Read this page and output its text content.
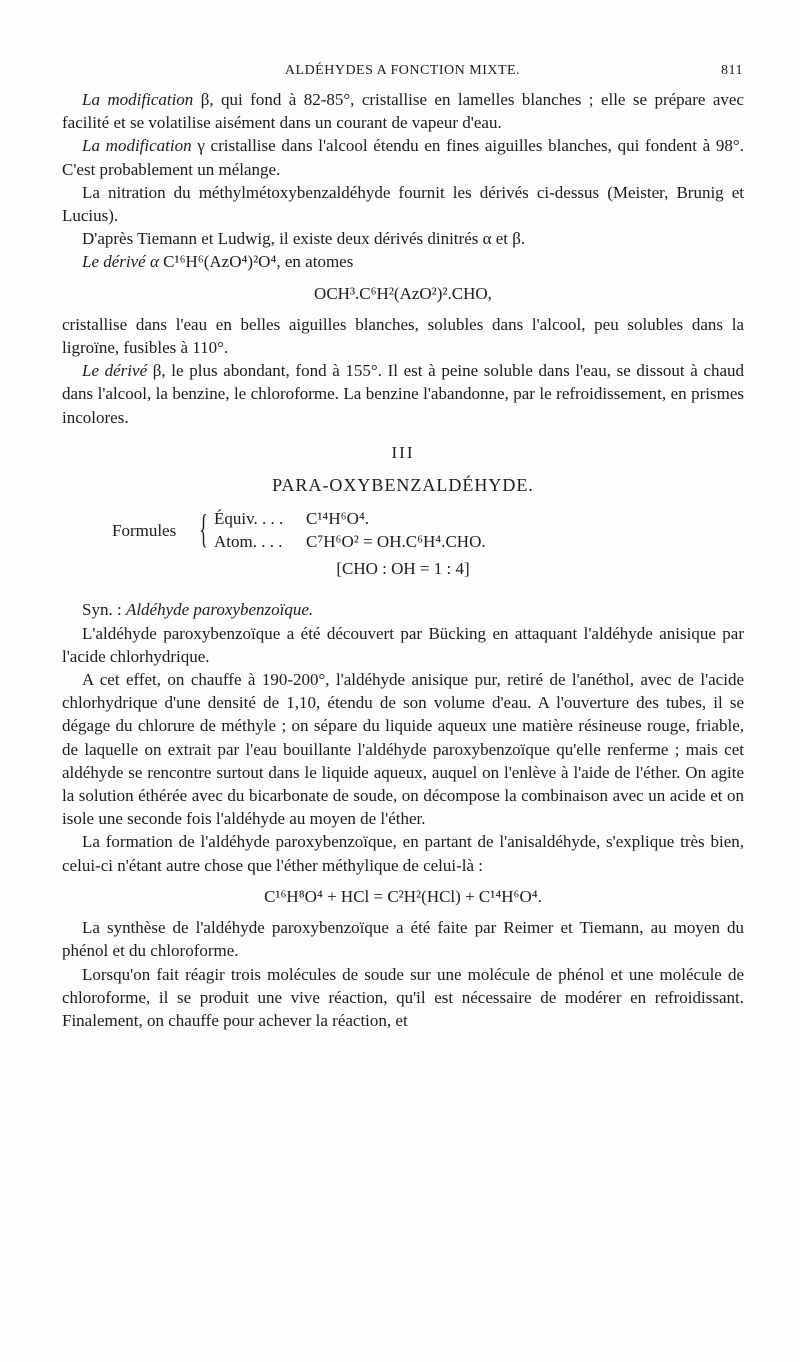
ALDÉHYDES A FONCTION MIXTE.	811

La modification β, qui fond à 82-85°, cristallise en lamelles blanches ; elle se prépare avec facilité et se volatilise aisément dans un courant de vapeur d'eau.

La modification γ cristallise dans l'alcool étendu en fines aiguilles blanches, qui fondent à 98°. C'est probablement un mélange.

La nitration du méthylmétoxybenzaldéhyde fournit les dérivés ci-dessus (Meister, Brunig et Lucius).

D'après Tiemann et Ludwig, il existe deux dérivés dinitrés α et β.

Le dérivé α C¹⁶H⁶(AzO⁴)²O⁴, en atomes

OCH³.C⁶H²(AzO²)².CHO,

cristallise dans l'eau en belles aiguilles blanches, solubles dans l'alcool, peu solubles dans la ligroïne, fusibles à 110°.

Le dérivé β, le plus abondant, fond à 155°. Il est à peine soluble dans l'eau, se dissout à chaud dans l'alcool, la benzine, le chloroforme. La benzine l'abandonne, par le refroidissement, en prismes incolores.

III
PARA-OXYBENZALDÉHYDE.
Formules { Équiv. . . . C¹⁴H⁶O⁴.
Atom. . . . C⁷H⁶O² = OH.C⁶H⁴.CHO.
[CHO : OH = 1 : 4]

Syn. : Aldéhyde paroxybenzoïque.

L'aldéhyde paroxybenzoïque a été découvert par Bücking en attaquant l'aldéhyde anisique par l'acide chlorhydrique.

A cet effet, on chauffe à 190-200°, l'aldéhyde anisique pur, retiré de l'anéthol, avec de l'acide chlorhydrique d'une densité de 1,10, étendu de son volume d'eau. A l'ouverture des tubes, il se dégage du chlorure de méthyle ; on sépare du liquide aqueux une matière résineuse rouge, friable, de laquelle on extrait par l'eau bouillante l'aldéhyde paroxybenzoïque qu'elle renferme ; mais cet aldéhyde se rencontre surtout dans le liquide aqueux, auquel on l'enlève à l'aide de l'éther. On agite la solution éthérée avec du bicarbonate de soude, on décompose la combinaison avec un acide et on isole une seconde fois l'aldéhyde au moyen de l'éther.

La formation de l'aldéhyde paroxybenzoïque, en partant de l'anisaldéhyde, s'explique très bien, celui-ci n'étant autre chose que l'éther méthylique de celui-là :

C¹⁶H⁸O⁴ + HCl = C²H²(HCl) + C¹⁴H⁶O⁴.

La synthèse de l'aldéhyde paroxybenzoïque a été faite par Reimer et Tiemann, au moyen du phénol et du chloroforme.

Lorsqu'on fait réagir trois molécules de soude sur une molécule de phénol et une molécule de chloroforme, il se produit une vive réaction, qu'il est nécessaire de modérer en refroidissant. Finalement, on chauffe pour achever la réaction, et
